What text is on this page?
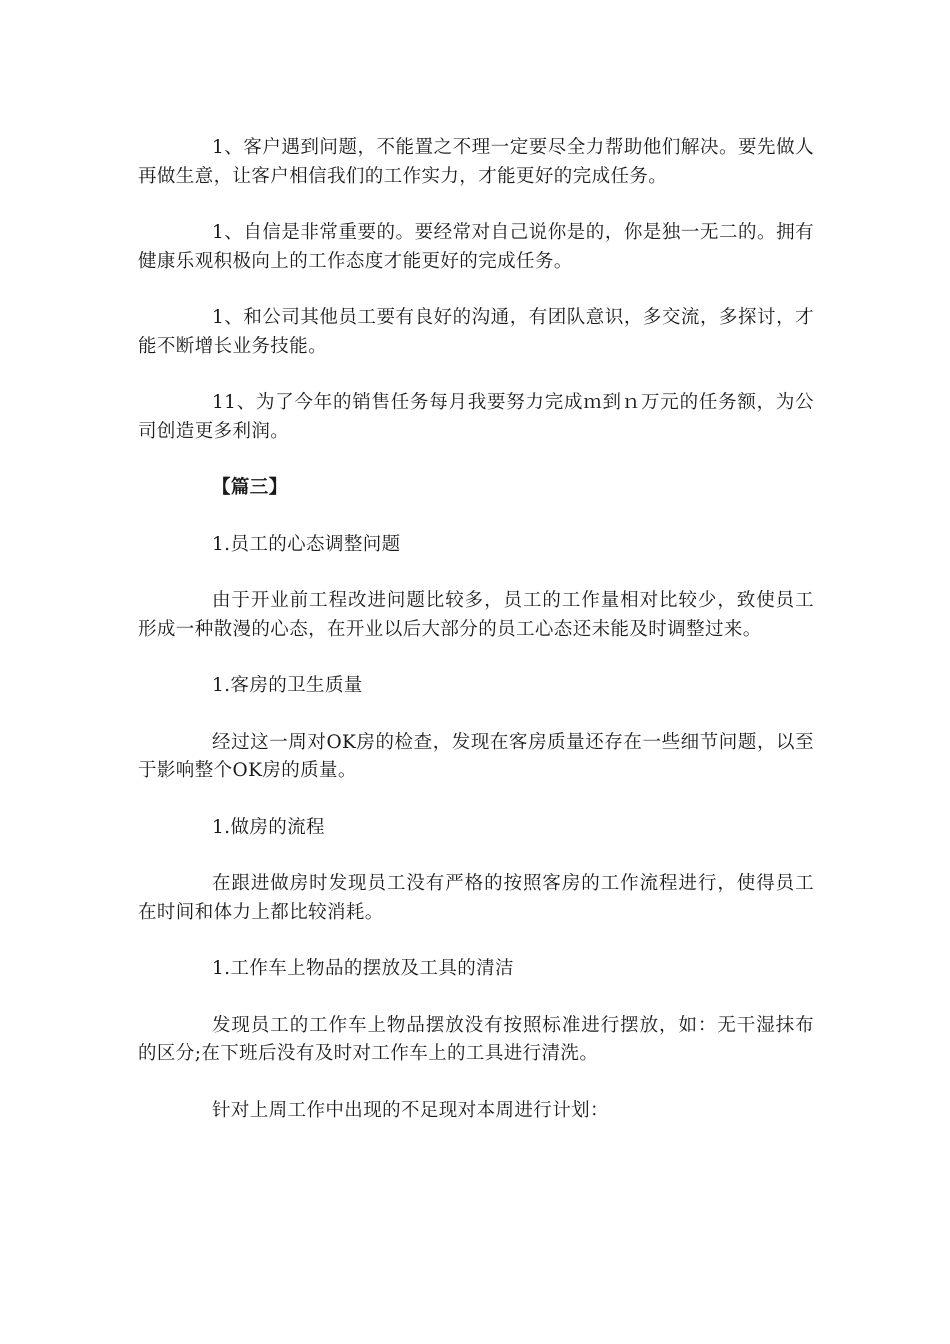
1、客户遇到问题，不能置之不理一定要尽全力帮助他们解决。要先做人再做生意，让客户相信我们的工作实力，才能更好的完成任务。

1、自信是非常重要的。要经常对自己说你是的，你是独一无二的。拥有健康乐观积极向上的工作态度才能更好的完成任务。

1、和公司其他员工要有良好的沟通，有团队意识，多交流，多探讨，才能不断增长业务技能。

11、为了今年的销售任务每月我要努力完成ｍ到ｎ万元的任务额，为公司创造更多利润。

【篇三】

1.员工的心态调整问题

由于开业前工程改进问题比较多，员工的工作量相对比较少，致使员工形成一种散漫的心态，在开业以后大部分的员工心态还未能及时调整过来。

1.客房的卫生质量

经过这一周对OK房的检查，发现在客房质量还存在一些细节问题，以至于影响整个OK房的质量。

1.做房的流程

在跟进做房时发现员工没有严格的按照客房的工作流程进行，使得员工在时间和体力上都比较消耗。

1.工作车上物品的摆放及工具的清洁

发现员工的工作车上物品摆放没有按照标准进行摆放，如：无干湿抹布的区分;在下班后没有及时对工作车上的工具进行清洗。

针对上周工作中出现的不足现对本周进行计划：
